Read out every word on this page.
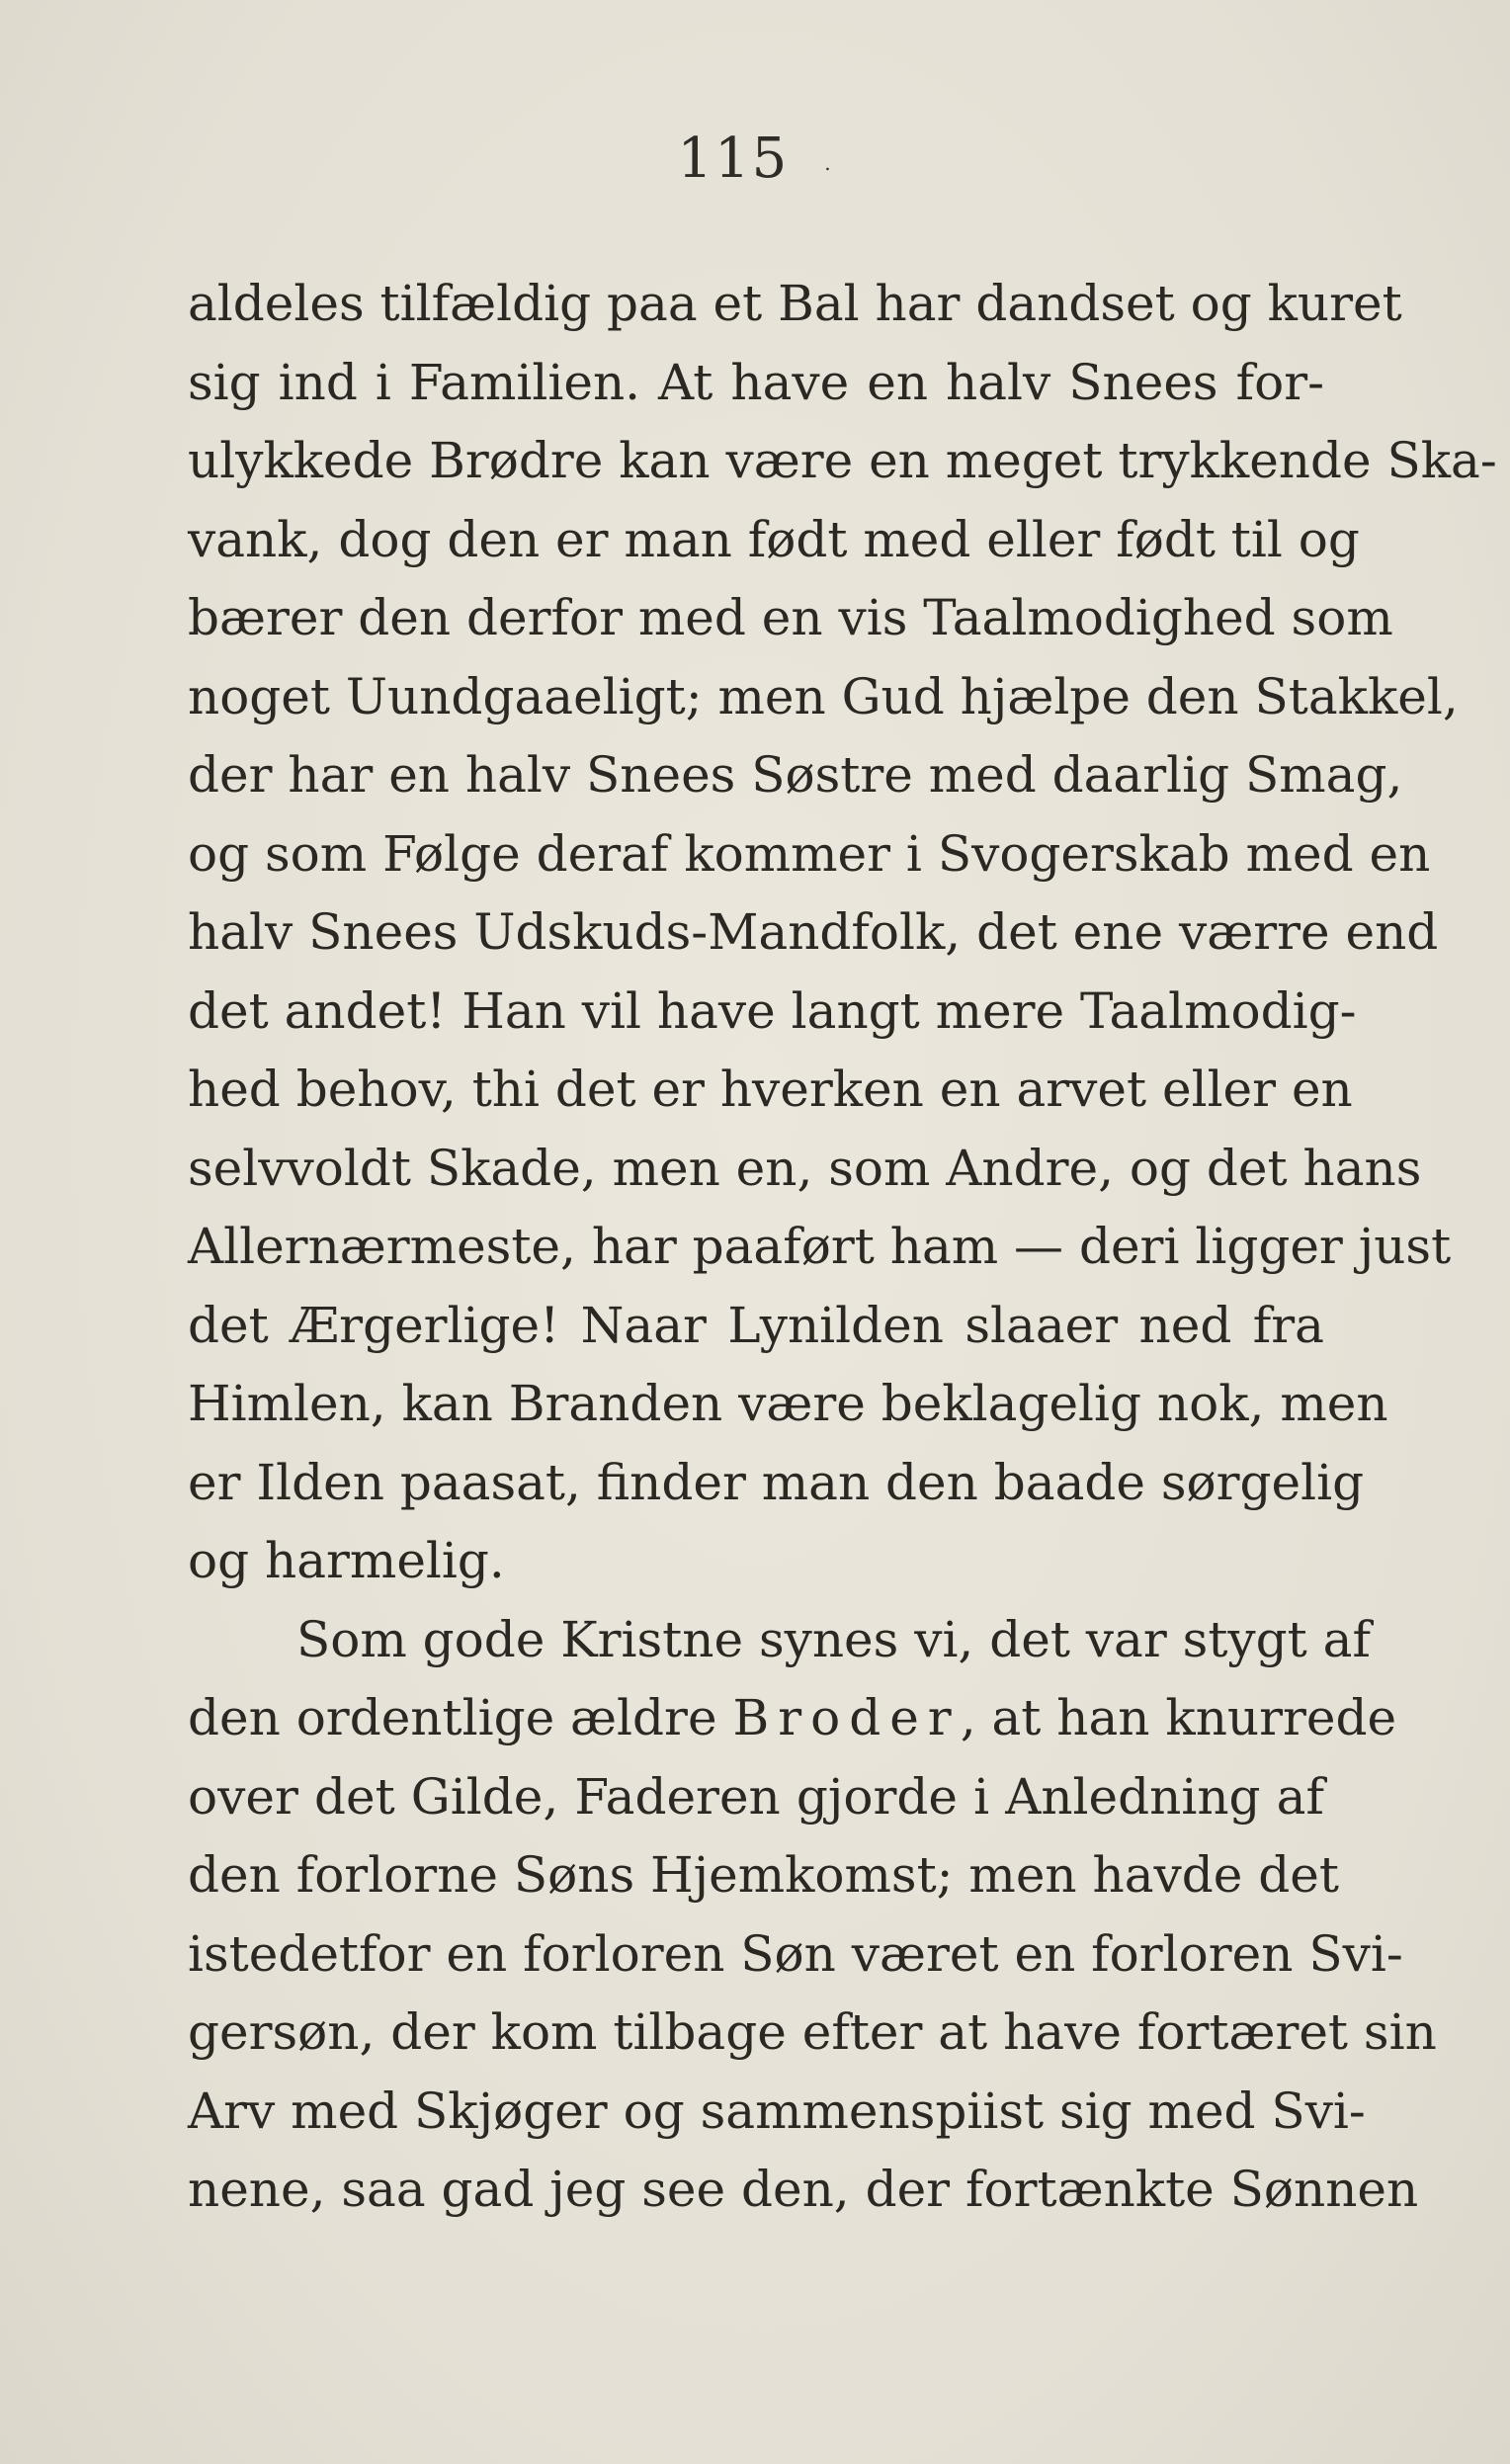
115 .
aldeles tilfældig paa et Bal har dandset og kuret
sig ind i Familien. At have en halv Snees for-
ulykkede Brødre kan være en meget trykkende Ska-
vank, dog den er man født med eller født til og
bærer den derfor med en vis Taalmodighed som
noget Uundgaaeligt; men Gud hjælpe den Stakkel,
der har en halv Snees Søstre med daarlig Smag,
og som Følge deraf kommer i Svogerskab med en
halv Snees Udskuds-Mandfolk, det ene værre end
det andet! Han vil have langt mere Taalmodig-
hed behov, thi det er hverken en arvet eller en
selvvoldt Skade, men en, som Andre, og det hans
Allernærmeste, har paaført ham — deri ligger just
det Ærgerlige! Naar Lynilden slaaer ned fra
Himlen, kan Branden være beklagelig nok, men
er Ilden paasat, finder man den baade sørgelig
og harmelig.
Som gode Kristne synes vi, det var stygt af
den ordentlige ældre Broder, at han knurrede
over det Gilde, Faderen gjorde i Anledning af
den forlorne Søns Hjemkomst; men havde det
istedetfor en forloren Søn været en forloren Svi-
gersøn, der kom tilbage efter at have fortæret sin
Arv med Skjøger og sammenspiist sig med Svi-
nene, saa gad jeg see den, der fortænkte Sønnen
